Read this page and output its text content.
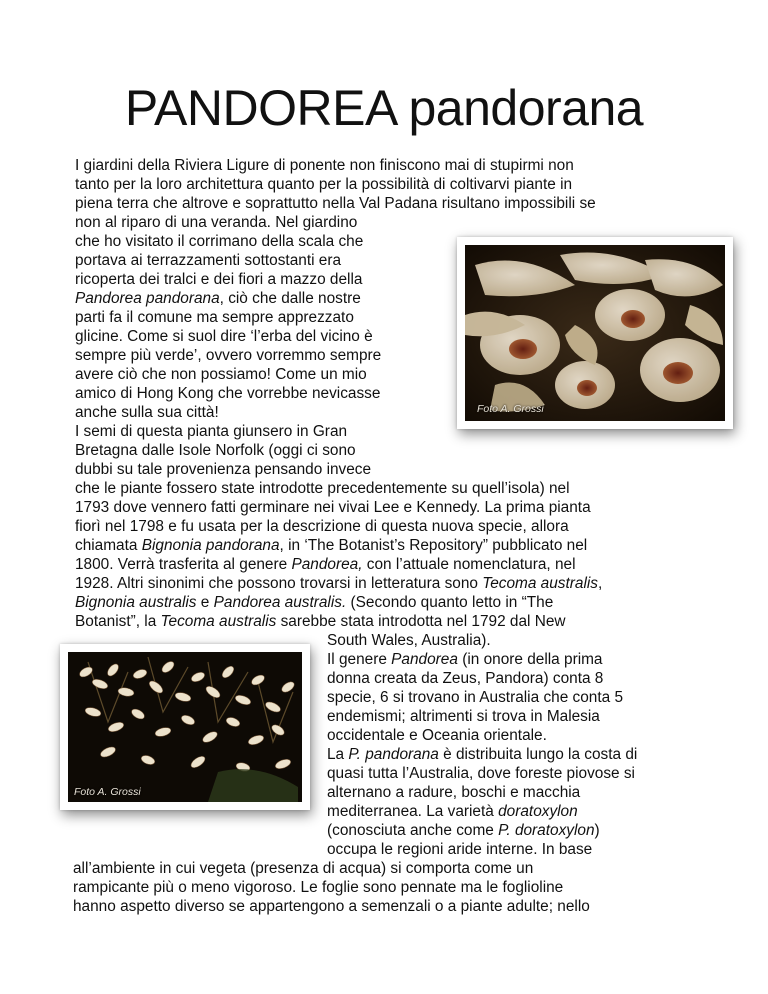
PANDOREA pandorana
I giardini della Riviera Ligure di ponente non finiscono mai di stupirmi non
tanto per la loro architettura quanto per la possibilità di coltivarvi piante in
piena terra che altrove e soprattutto nella Val Padana risultano impossibili se
non al riparo di una veranda. Nel giardino
che ho visitato il corrimano della scala che
portava ai terrazzamenti sottostanti era
ricoperta dei tralci e dei fiori a mazzo della
Pandorea pandorana, ciò che dalle nostre
parti fa il comune ma sempre apprezzato
glicine. Come si suol dire ‘l’erba del vicino è
sempre più verde’, ovvero vorremmo sempre
avere ciò che non possiamo! Come un mio
amico di Hong Kong che vorrebbe nevicasse
anche sulla sua città!
I semi di questa pianta giunsero in Gran
Bretagna dalle Isole Norfolk (oggi ci sono
dubbi su tale provenienza pensando invece
che le piante fossero state introdotte precedentemente su quell’isola) nel
1793 dove vennero fatti germinare nei vivai Lee e Kennedy. La prima pianta
fiorì nel 1798 e fu usata per la descrizione di questa nuova specie, allora
chiamata Bignonia pandorana, in ‘The Botanist’s Repository” pubblicato nel
1800. Verrà trasferita al genere Pandorea, con l’attuale nomenclatura, nel
1928. Altri sinonimi che possono trovarsi in letteratura sono Tecoma australis,
Bignonia australis e Pandorea australis. (Secondo quanto letto in “The
Botanist”, la Tecoma australis sarebbe stata introdotta nel 1792 dal New
South Wales, Australia).
Il genere Pandorea (in onore della prima
donna creata da Zeus, Pandora) conta 8
specie, 6 si trovano in Australia che conta 5
endemismi; altrimenti si trova in Malesia
occidentale e Oceania orientale.
La P. pandorana è distribuita lungo la costa di
quasi tutta l’Australia, dove foreste piovose si
alternano a radure, boschi e macchia
mediterranea. La varietà doratoxylon
(conosciuta anche come P. doratoxylon)
occupa le regioni aride interne. In base
all’ambiente in cui vegeta (presenza di acqua) si comporta come un
rampicante più o meno vigoroso. Le foglie sono pennate ma le foglioline
hanno aspetto diverso se appartengono a semenzali o a piante adulte; nello
Foto A. Grossi
Foto A. Grossi
